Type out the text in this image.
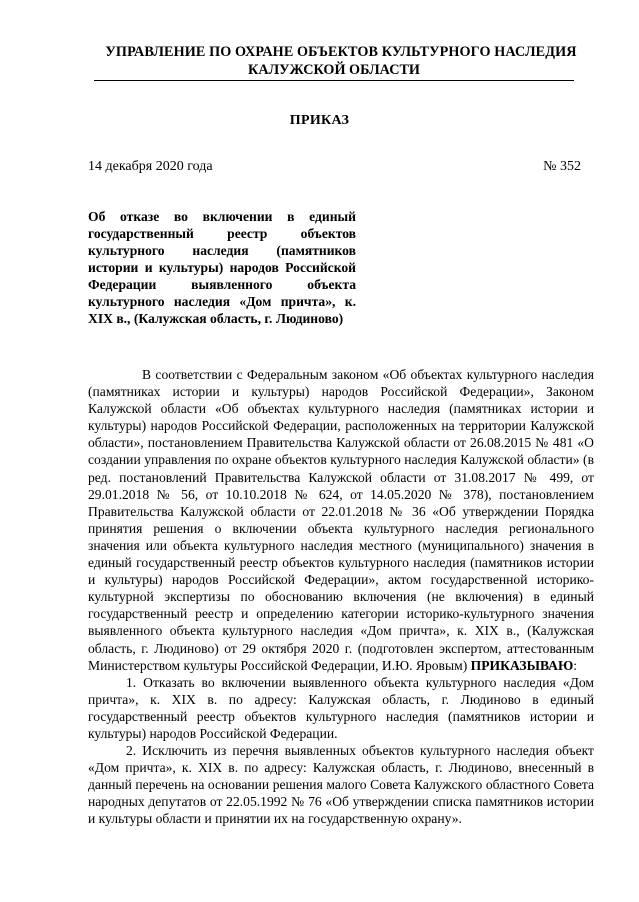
УПРАВЛЕНИЕ ПО ОХРАНЕ ОБЪЕКТОВ КУЛЬТУРНОГО НАСЛЕДИЯ
КАЛУЖСКОЙ ОБЛАСТИ
ПРИКАЗ
14 декабря 2020 года	№ 352
Об отказе во включении в единый государственный реестр объектов культурного наследия (памятников истории и культуры) народов Российской Федерации выявленного объекта культурного наследия «Дом причта», к. XIX в., (Калужская область, г. Людиново)

В соответствии с Федеральным законом «Об объектах культурного наследия (памятниках истории и культуры) народов Российской Федерации», Законом Калужской области «Об объектах культурного наследия (памятниках истории и культуры) народов Российской Федерации, расположенных на территории Калужской области», постановлением Правительства Калужской области от 26.08.2015 № 481 «О создании управления по охране объектов культурного наследия Калужской области» (в ред. постановлений Правительства Калужской области от 31.08.2017 № 499, от 29.01.2018 № 56, от 10.10.2018 № 624, от 14.05.2020 № 378), постановлением Правительства Калужской области от 22.01.2018 № 36 «Об утверждении Порядка принятия решения о включении объекта культурного наследия регионального значения или объекта культурного наследия местного (муниципального) значения в единый государственный реестр объектов культурного наследия (памятников истории и культуры) народов Российской Федерации», актом государственной историко-культурной экспертизы по обоснованию включения (не включения) в единый государственный реестр и определению категории историко-культурного значения выявленного объекта культурного наследия «Дом причта», к. XIX в., (Калужская область, г. Людиново) от 29 октября 2020 г. (подготовлен экспертом, аттестованным Министерством культуры Российской Федерации, И.Ю. Яровым) ПРИКАЗЫВАЮ:

1. Отказать во включении выявленного объекта культурного наследия «Дом причта», к. XIX в. по адресу: Калужская область, г. Людиново в единый государственный реестр объектов культурного наследия (памятников истории и культуры) народов Российской Федерации.

2. Исключить из перечня выявленных объектов культурного наследия объект «Дом причта», к. XIX в. по адресу: Калужская область, г. Людиново, внесенный в данный перечень на основании решения малого Совета Калужского областного Совета народных депутатов от 22.05.1992 № 76 «Об утверждении списка памятников истории и культуры области и принятии их на государственную охрану».
